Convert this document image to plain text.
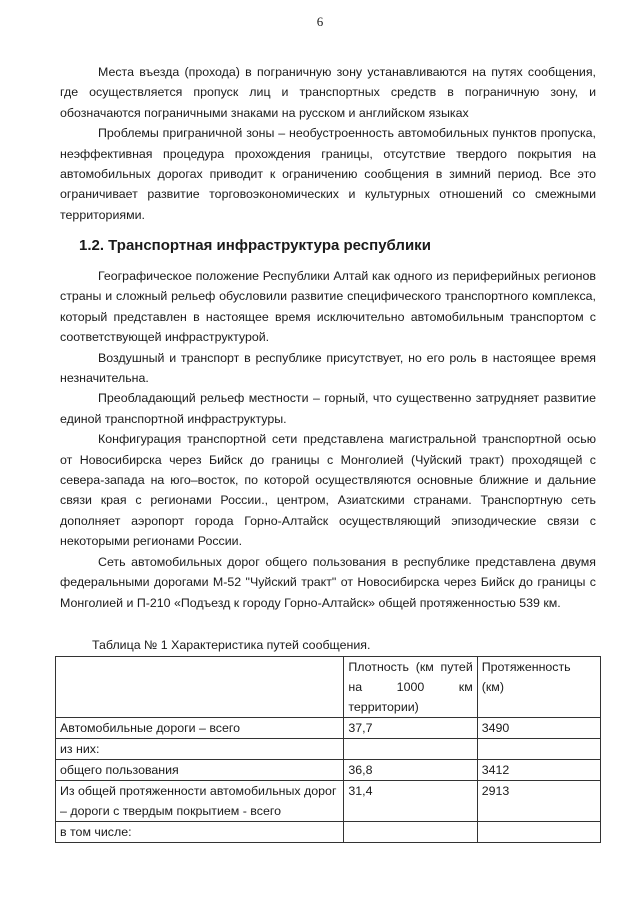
6

Места въезда (прохода) в пограничную зону устанавливаются на путях сообщения, где осуществляется пропуск лиц и транспортных средств в пограничную зону, и обозначаются пограничными знаками на русском и английском языках

Проблемы приграничной зоны – необустроенность автомобильных пунктов пропуска, неэффективная процедура прохождения границы, отсутствие твердого покрытия на автомобильных дорогах приводит к ограничению сообщения в зимний период. Все это ограничивает развитие торговоэкономических и культурных отношений со смежными территориями.

1.2. Транспортная инфраструктура республики

Географическое положение Республики Алтай как одного из периферийных регионов страны и сложный рельеф обусловили развитие специфического транспортного комплекса, который представлен в настоящее время исключительно автомобильным транспортом с соответствующей инфраструктурой.

Воздушный и транспорт в республике присутствует, но его роль в настоящее время незначительна.

Преобладающий рельеф местности – горный, что существенно затрудняет развитие единой транспортной инфраструктуры.

Конфигурация транспортной сети представлена магистральной транспортной осью от Новосибирска через Бийск до границы с Монголией (Чуйский тракт) проходящей с севера-запада на юго–восток, по которой осуществляются основные ближние и дальние связи края с регионами России., центром, Азиатскими странами. Транспортную сеть дополняет аэропорт города Горно-Алтайск осуществляющий эпизодические связи с некоторыми регионами России.

Сеть автомобильных дорог общего пользования в республике представлена двумя федеральными дорогами М-52 "Чуйский тракт" от Новосибирска через Бийск до границы с Монголией и П-210 «Подъезд к городу Горно-Алтайск» общей протяженностью 539 км.

Таблица № 1 Характеристика путей сообщения.
	Плотность (км путей на 1000 км территории)	Протяженность (км)
Автомобильные дороги – всего	37,7	3490
из них:		
общего пользования	36,8	3412
Из общей протяженности автомобильных дорог – дороги с твердым покрытием - всего	31,4	2913
в том числе:		
